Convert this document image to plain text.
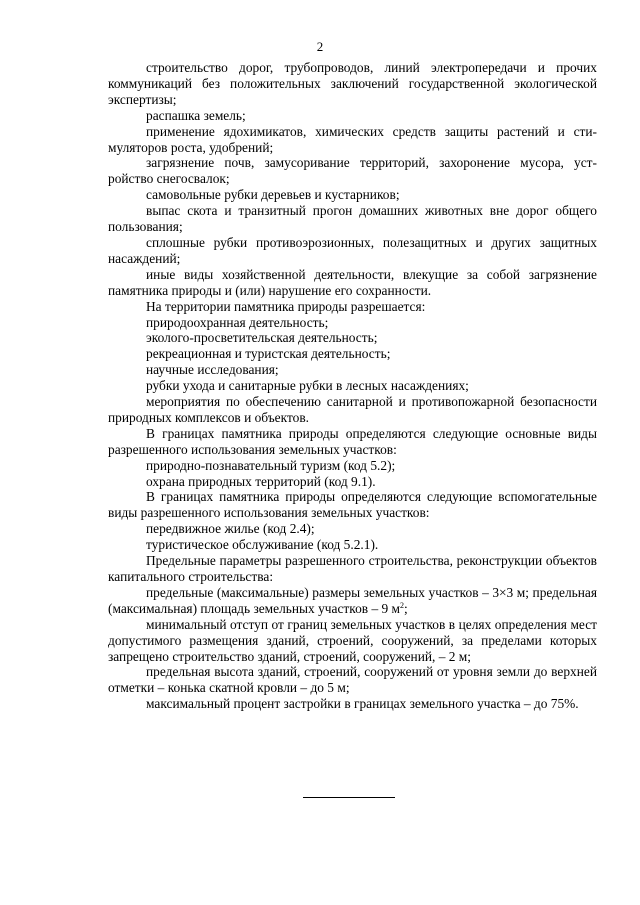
2

строительство дорог, трубопроводов, линий электропередачи и прочих коммуникаций без положительных заключений государственной экологической экспертизы;

распашка земель;

применение ядохимикатов, химических средств защиты растений и стимуляторов роста, удобрений;

загрязнение почв, замусоривание территорий, захоронение мусора, устройство снегосвалок;

самовольные рубки деревьев и кустарников;

выпас скота и транзитный прогон домашних животных вне дорог общего пользования;

сплошные рубки противоэрозионных, полезащитных и других защитных насаждений;

иные виды хозяйственной деятельности, влекущие за собой загрязнение памятника природы и (или) нарушение его сохранности.

На территории памятника природы разрешается:

природоохранная деятельность;

эколого-просветительская деятельность;

рекреационная и туристская деятельность;

научные исследования;

рубки ухода и санитарные рубки в лесных насаждениях;

мероприятия по обеспечению санитарной и противопожарной безопасности природных комплексов и объектов.

В границах памятника природы определяются следующие основные виды разрешенного использования земельных участков:

природно-познавательный туризм (код 5.2);

охрана природных территорий (код 9.1).

В границах памятника природы определяются следующие вспомогательные виды разрешенного использования земельных участков:

передвижное жилье (код 2.4);

туристическое обслуживание (код 5.2.1).

Предельные параметры разрешенного строительства, реконструкции объектов капитального строительства:

предельные (максимальные) размеры земельных участков – 3×3 м; предельная (максимальная) площадь земельных участков – 9 $м^2$;

минимальный отступ от границ земельных участков в целях определения мест допустимого размещения зданий, строений, сооружений, за пределами которых запрещено строительство зданий, строений, сооружений, – 2 м;

предельная высота зданий, строений, сооружений от уровня земли до верхней отметки – конька скатной кровли – до 5 м;

максимальный процент застройки в границах земельного участка – до 75%.
